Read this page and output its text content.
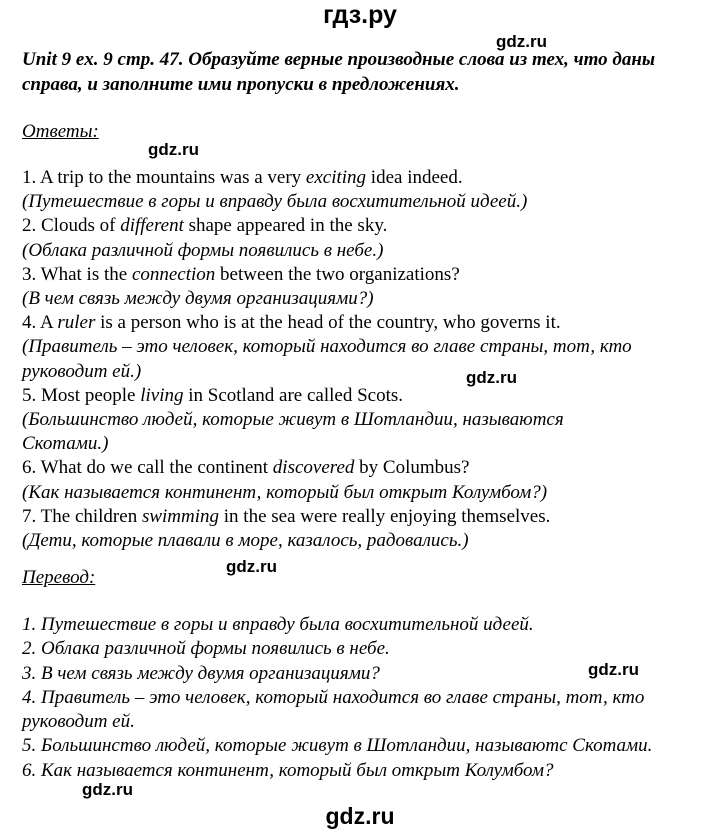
гдз.ру
Unit 9 ex. 9 стр. 47. Образуйте верные производные слова из тех, что даны справа, и заполните ими пропуски в предложениях.
gdz.ru
Ответы:
gdz.ru
1. A trip to the mountains was a very exciting idea indeed.
(Путешествие в горы и вправду была восхитительной идеей.)
2. Clouds of different shape appeared in the sky.
(Облака различной формы появились в небе.)
3. What is the connection between the two organizations?
(В чем связь между двумя организациями?)
4. A ruler is a person who is at the head of the country, who governs it.
(Правитель – это человек, который находится во главе страны, тот, кто
руководит ей.)
5. Most people living in Scotland are called Scots.
(Большинство людей, которые живут в Шотландии, называются
Скотами.)
6. What do we call the continent discovered by Columbus?
(Как называется континент, который был открыт Колумбом?)
7. The children swimming in the sea were really enjoying themselves.
(Дети, которые плавали в море, казалось, радовались.)
gdz.ru
Перевод:
gdz.ru
1. Путешествие в горы и вправду была восхитительной идеей.
2. Облака различной формы появились в небе.
3. В чем связь между двумя организациями?
4. Правитель – это человек, который находится во главе страны, тот, кто
руководит ей.
5. Большинство людей, которые живут в Шотландии, называютс Скотами.
6. Как называется континент, который был открыт Колумбом?
gdz.ru
gdz.ru
gdz.ru
